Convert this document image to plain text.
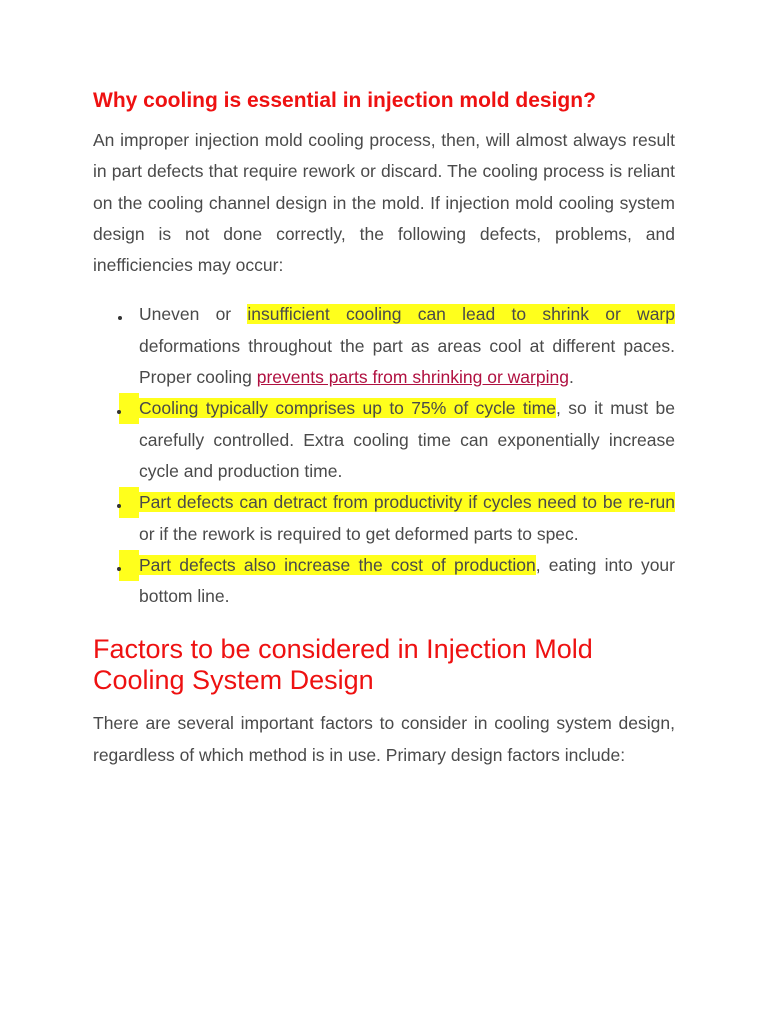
Why cooling is essential in injection mold design?

An improper injection mold cooling process, then, will almost always result in part defects that require rework or discard. The cooling process is reliant on the cooling channel design in the mold. If injection mold cooling system design is not done correctly, the following defects, problems, and inefficiencies may occur:

Uneven or insufficient cooling can lead to shrink or warp deformations throughout the part as areas cool at different paces. Proper cooling prevents parts from shrinking or warping.
Cooling typically comprises up to 75% of cycle time, so it must be carefully controlled. Extra cooling time can exponentially increase cycle and production time.
Part defects can detract from productivity if cycles need to be re-run or if the rework is required to get deformed parts to spec.
Part defects also increase the cost of production, eating into your bottom line.
Factors to be considered in Injection Mold Cooling System Design

There are several important factors to consider in cooling system design, regardless of which method is in use. Primary design factors include:
